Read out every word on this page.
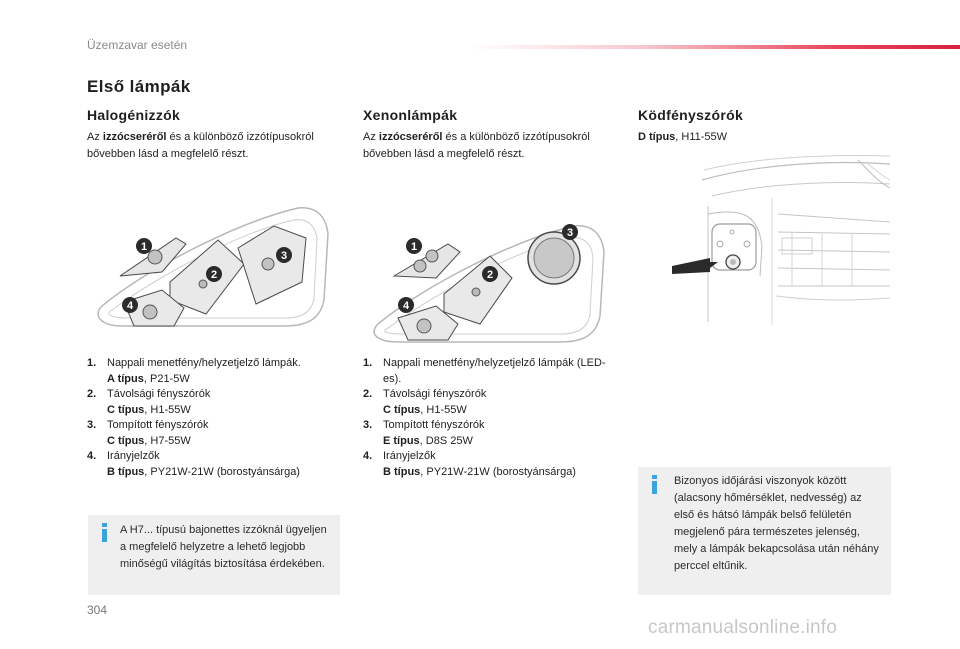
Üzemzavar esetén
Első lámpák
Halogénizzók
Az izzócseréről és a különböző izzótípusokról bővebben lásd a megfelelő részt.
1
2
3
4
1. Nappali menetfény/helyzetjelző lámpák.
A típus, P21-5W
2. Távolsági fényszórók
C típus, H1-55W
3. Tompított fényszórók
C típus, H7-55W
4. Irányjelzők
B típus, PY21W-21W (borostyánsárga)
A H7... típusú bajonettes izzóknál ügyeljen a megfelelő helyzetre a lehető legjobb minőségű világítás biztosítása érdekében.
Xenonlámpák
Az izzócseréről és a különböző izzótípusokról bővebben lásd a megfelelő részt.
1
2
3
4
1. Nappali menetfény/helyzetjelző lámpák (LED-es).
2. Távolsági fényszórók
C típus, H1-55W
3. Tompított fényszórók
E típus, D8S 25W
4. Irányjelzők
B típus, PY21W-21W (borostyánsárga)
Ködfényszórók
D típus, H11-55W
Bizonyos időjárási viszonyok között (alacsony hőmérséklet, nedvesség) az első és hátsó lámpák belső felületén megjelenő pára természetes jelenség, mely a lámpák bekapcsolása után néhány perccel eltűnik.
304
carmanualsonline.info
